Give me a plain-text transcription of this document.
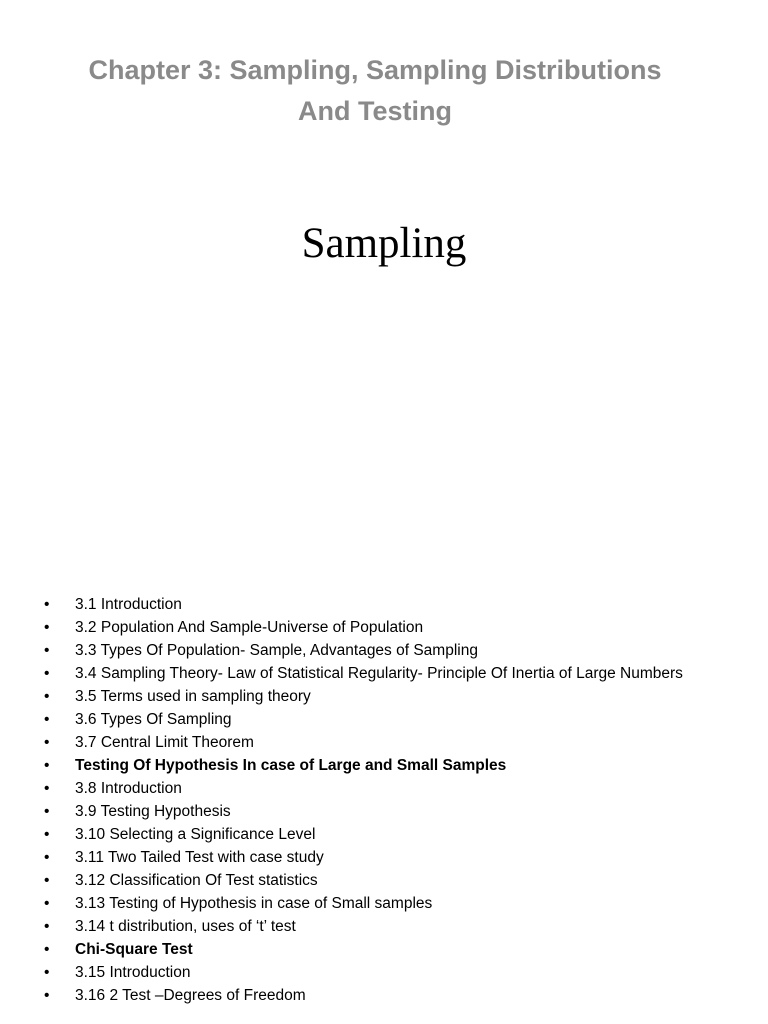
Chapter 3: Sampling, Sampling Distributions
And Testing
Sampling
• 3.1 Introduction
• 3.2 Population And Sample-Universe of Population
• 3.3 Types Of Population- Sample, Advantages of Sampling
• 3.4 Sampling Theory- Law of Statistical Regularity- Principle Of Inertia of Large Numbers
• 3.5 Terms used in sampling theory
• 3.6 Types Of Sampling
• 3.7 Central Limit Theorem
• Testing Of Hypothesis In case of Large and Small Samples
• 3.8 Introduction
• 3.9 Testing Hypothesis
• 3.10 Selecting a Significance Level
• 3.11 Two Tailed Test with case study
• 3.12 Classification Of Test statistics
• 3.13 Testing of Hypothesis in case of Small samples
• 3.14 t distribution, uses of ‘t’ test
• Chi-Square Test
• 3.15 Introduction
• 3.16 2 Test –Degrees of Freedom
